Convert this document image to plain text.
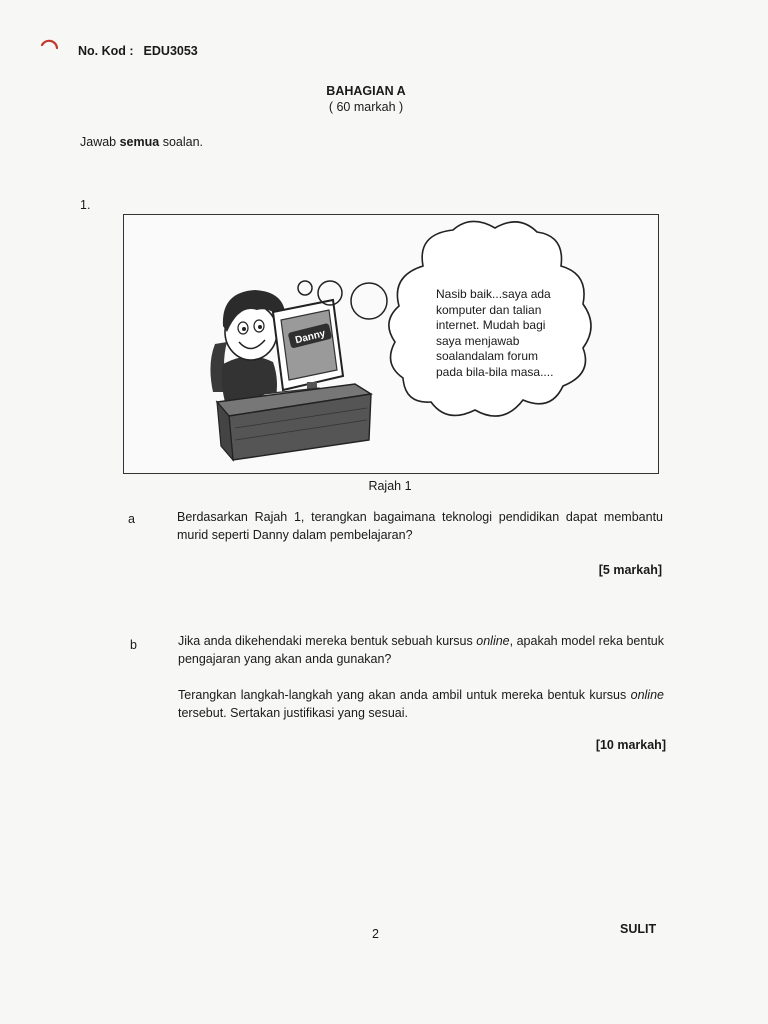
No. Kod : EDU3053
BAHAGIAN A
( 60 markah )
Jawab semua soalan.
1.
Danny
Nasib baik...saya ada
komputer dan talian
internet. Mudah bagi
saya menjawab
soalandalam forum
pada bila-bila masa....
Rajah 1
a	Berdasarkan Rajah 1, terangkan bagaimana teknologi pendidikan dapat membantu murid seperti Danny dalam pembelajaran?
[5 markah]
b	Jika anda dikehendaki mereka bentuk sebuah kursus online, apakah model reka bentuk pengajaran yang akan anda gunakan?
Terangkan langkah-langkah yang akan anda ambil untuk mereka bentuk kursus online tersebut. Sertakan justifikasi yang sesuai.
[10 markah]
2	SULIT
